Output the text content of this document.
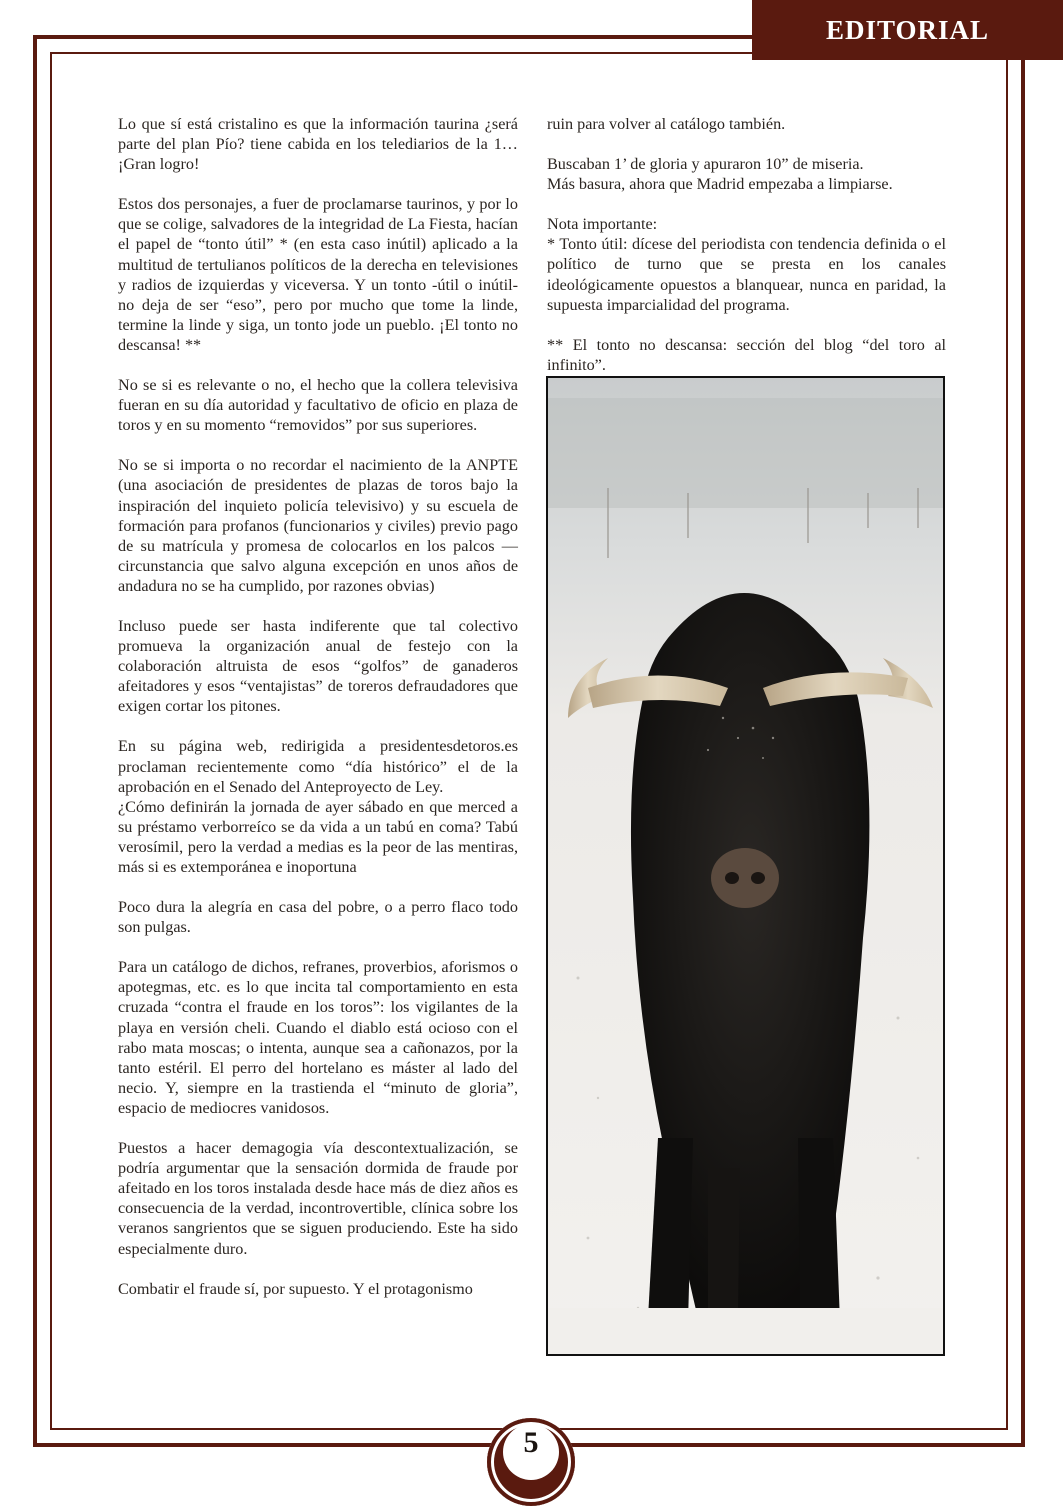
EDITORIAL

Lo que sí está cristalino es que la información taurina ¿será parte del plan Pío? tiene cabida en los telediarios de la 1… ¡Gran logro!

Estos dos personajes, a fuer de proclamarse taurinos, y por lo que se colige, salvadores de la integridad de La Fiesta, hacían el papel de “tonto útil” * (en esta caso inútil) aplicado a la multitud de tertulianos políticos de la derecha en televisiones y radios de izquierdas y viceversa. Y un tonto -útil o inútil- no deja de ser “eso”, pero por mucho que tome la linde, termine la linde y siga, un tonto jode un pueblo. ¡El tonto no descansa! **

No se si es relevante o no, el hecho que la collera televisiva fueran en su día autoridad y facultativo de oficio en plaza de toros y en su momento “removidos” por sus superiores.

No se si importa o no recordar el nacimiento de la ANPTE (una asociación de presidentes de plazas de toros bajo la inspiración del inquieto policía televisivo) y su escuela de formación para profanos (funcionarios y civiles) previo pago de su matrícula y promesa de colocarlos en los palcos —circunstancia que salvo alguna excepción en unos años de andadura no se ha cumplido, por razones obvias)

Incluso puede ser hasta indiferente que tal colectivo promueva la organización anual de festejo con la colaboración altruista de esos “golfos” de ganaderos afeitadores y esos “ventajistas” de toreros defraudadores que exigen cortar los pitones.

En su página web, redirigida a presidentesdetoros.es proclaman recientemente como “día histórico” el de la aprobación en el Senado del Anteproyecto de Ley.
¿Cómo definirán la jornada de ayer sábado en que merced a su préstamo verborreíco se da vida a un tabú en coma? Tabú verosímil, pero la verdad a medias es la peor de las mentiras, más si es extemporánea e inoportuna

Poco dura la alegría en casa del pobre, o a perro flaco todo son pulgas.

Para un catálogo de dichos, refranes, proverbios, aforismos o apotegmas, etc. es lo que incita tal comportamiento en esta cruzada “contra el fraude en los toros”: los vigilantes de la playa en versión cheli. Cuando el diablo está ocioso con el rabo mata moscas; o intenta, aunque sea a cañonazos, por la tanto estéril. El perro del hortelano es máster al lado del necio. Y, siempre en la trastienda el “minuto de gloria”, espacio de mediocres vanidosos.

Puestos a hacer demagogia vía descontextualización, se podría argumentar que la sensación dormida de fraude por afeitado en los toros instalada desde hace más de diez años es consecuencia de la verdad, incontrovertible, clínica sobre los veranos sangrientos que se siguen produciendo. Este ha sido especialmente duro.

Combatir el fraude sí, por supuesto. Y el protagonismo

ruin para volver al catálogo también.

Buscaban 1’ de gloria y apuraron 10” de miseria.
Más basura, ahora que Madrid empezaba a limpiarse.

Nota importante:
* Tonto útil: dícese del periodista con tendencia definida o el político de turno que se presta en los canales ideológicamente opuestos a blanquear, nunca en paridad, la supuesta imparcialidad del programa.

** El tonto no descansa: sección del blog “del toro al infinito”.

5
